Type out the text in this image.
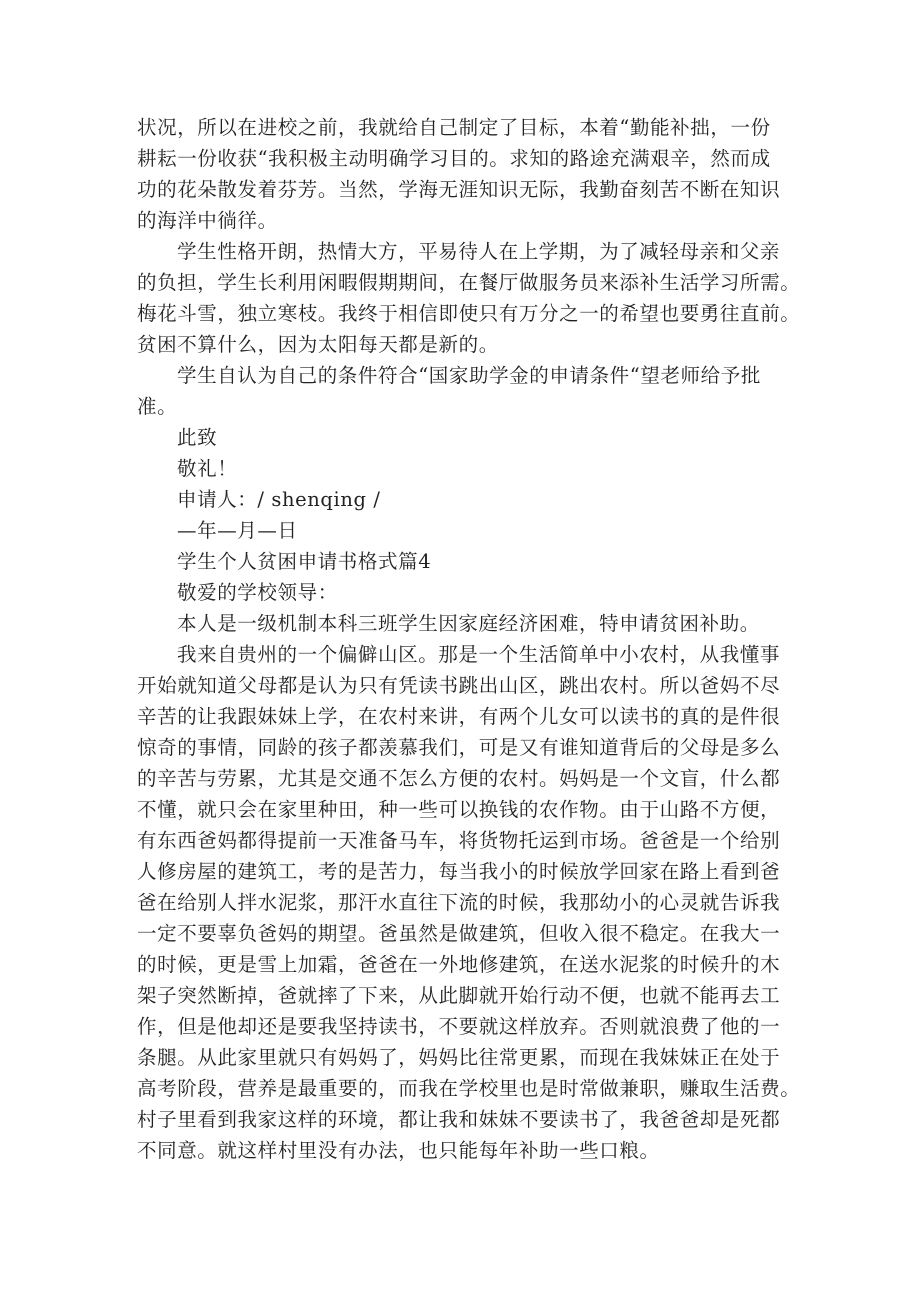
状况，所以在进校之前，我就给自己制定了目标，本着“勤能补拙，一份
耕耘一份收获“我积极主动明确学习目的。求知的路途充满艰辛，然而成
功的花朵散发着芬芳。当然，学海无涯知识无际，我勤奋刻苦不断在知识
的海洋中徜徉。
学生性格开朗，热情大方，平易待人在上学期，为了减轻母亲和父亲
的负担，学生长利用闲暇假期期间，在餐厅做服务员来添补生活学习所需。
梅花斗雪，独立寒枝。我终于相信即使只有万分之一的希望也要勇往直前。
贫困不算什么，因为太阳每天都是新的。
学生自认为自己的条件符合“国家助学金的申请条件“望老师给予批
准。
此致
敬礼！
申请人：/ shenqing /
—年—月—日
学生个人贫困申请书格式篇4
敬爱的学校领导：
本人是一级机制本科三班学生因家庭经济困难，特申请贫困补助。
我来自贵州的一个偏僻山区。那是一个生活简单中小农村，从我懂事
开始就知道父母都是认为只有凭读书跳出山区，跳出农村。所以爸妈不尽
辛苦的让我跟妹妹上学，在农村来讲，有两个儿女可以读书的真的是件很
惊奇的事情，同龄的孩子都羡慕我们，可是又有谁知道背后的父母是多么
的辛苦与劳累，尤其是交通不怎么方便的农村。妈妈是一个文盲，什么都
不懂，就只会在家里种田，种一些可以换钱的农作物。由于山路不方便，
有东西爸妈都得提前一天准备马车，将货物托运到市场。爸爸是一个给别
人修房屋的建筑工，考的是苦力，每当我小的时候放学回家在路上看到爸
爸在给别人拌水泥浆，那汗水直往下流的时候，我那幼小的心灵就告诉我
一定不要辜负爸妈的期望。爸虽然是做建筑，但收入很不稳定。在我大一
的时候，更是雪上加霜，爸爸在一外地修建筑，在送水泥浆的时候升的木
架子突然断掉，爸就摔了下来，从此脚就开始行动不便，也就不能再去工
作，但是他却还是要我坚持读书，不要就这样放弃。否则就浪费了他的一
条腿。从此家里就只有妈妈了，妈妈比往常更累，而现在我妹妹正在处于
高考阶段，营养是最重要的，而我在学校里也是时常做兼职，赚取生活费。
村子里看到我家这样的环境，都让我和妹妹不要读书了，我爸爸却是死都
不同意。就这样村里没有办法，也只能每年补助一些口粮。
